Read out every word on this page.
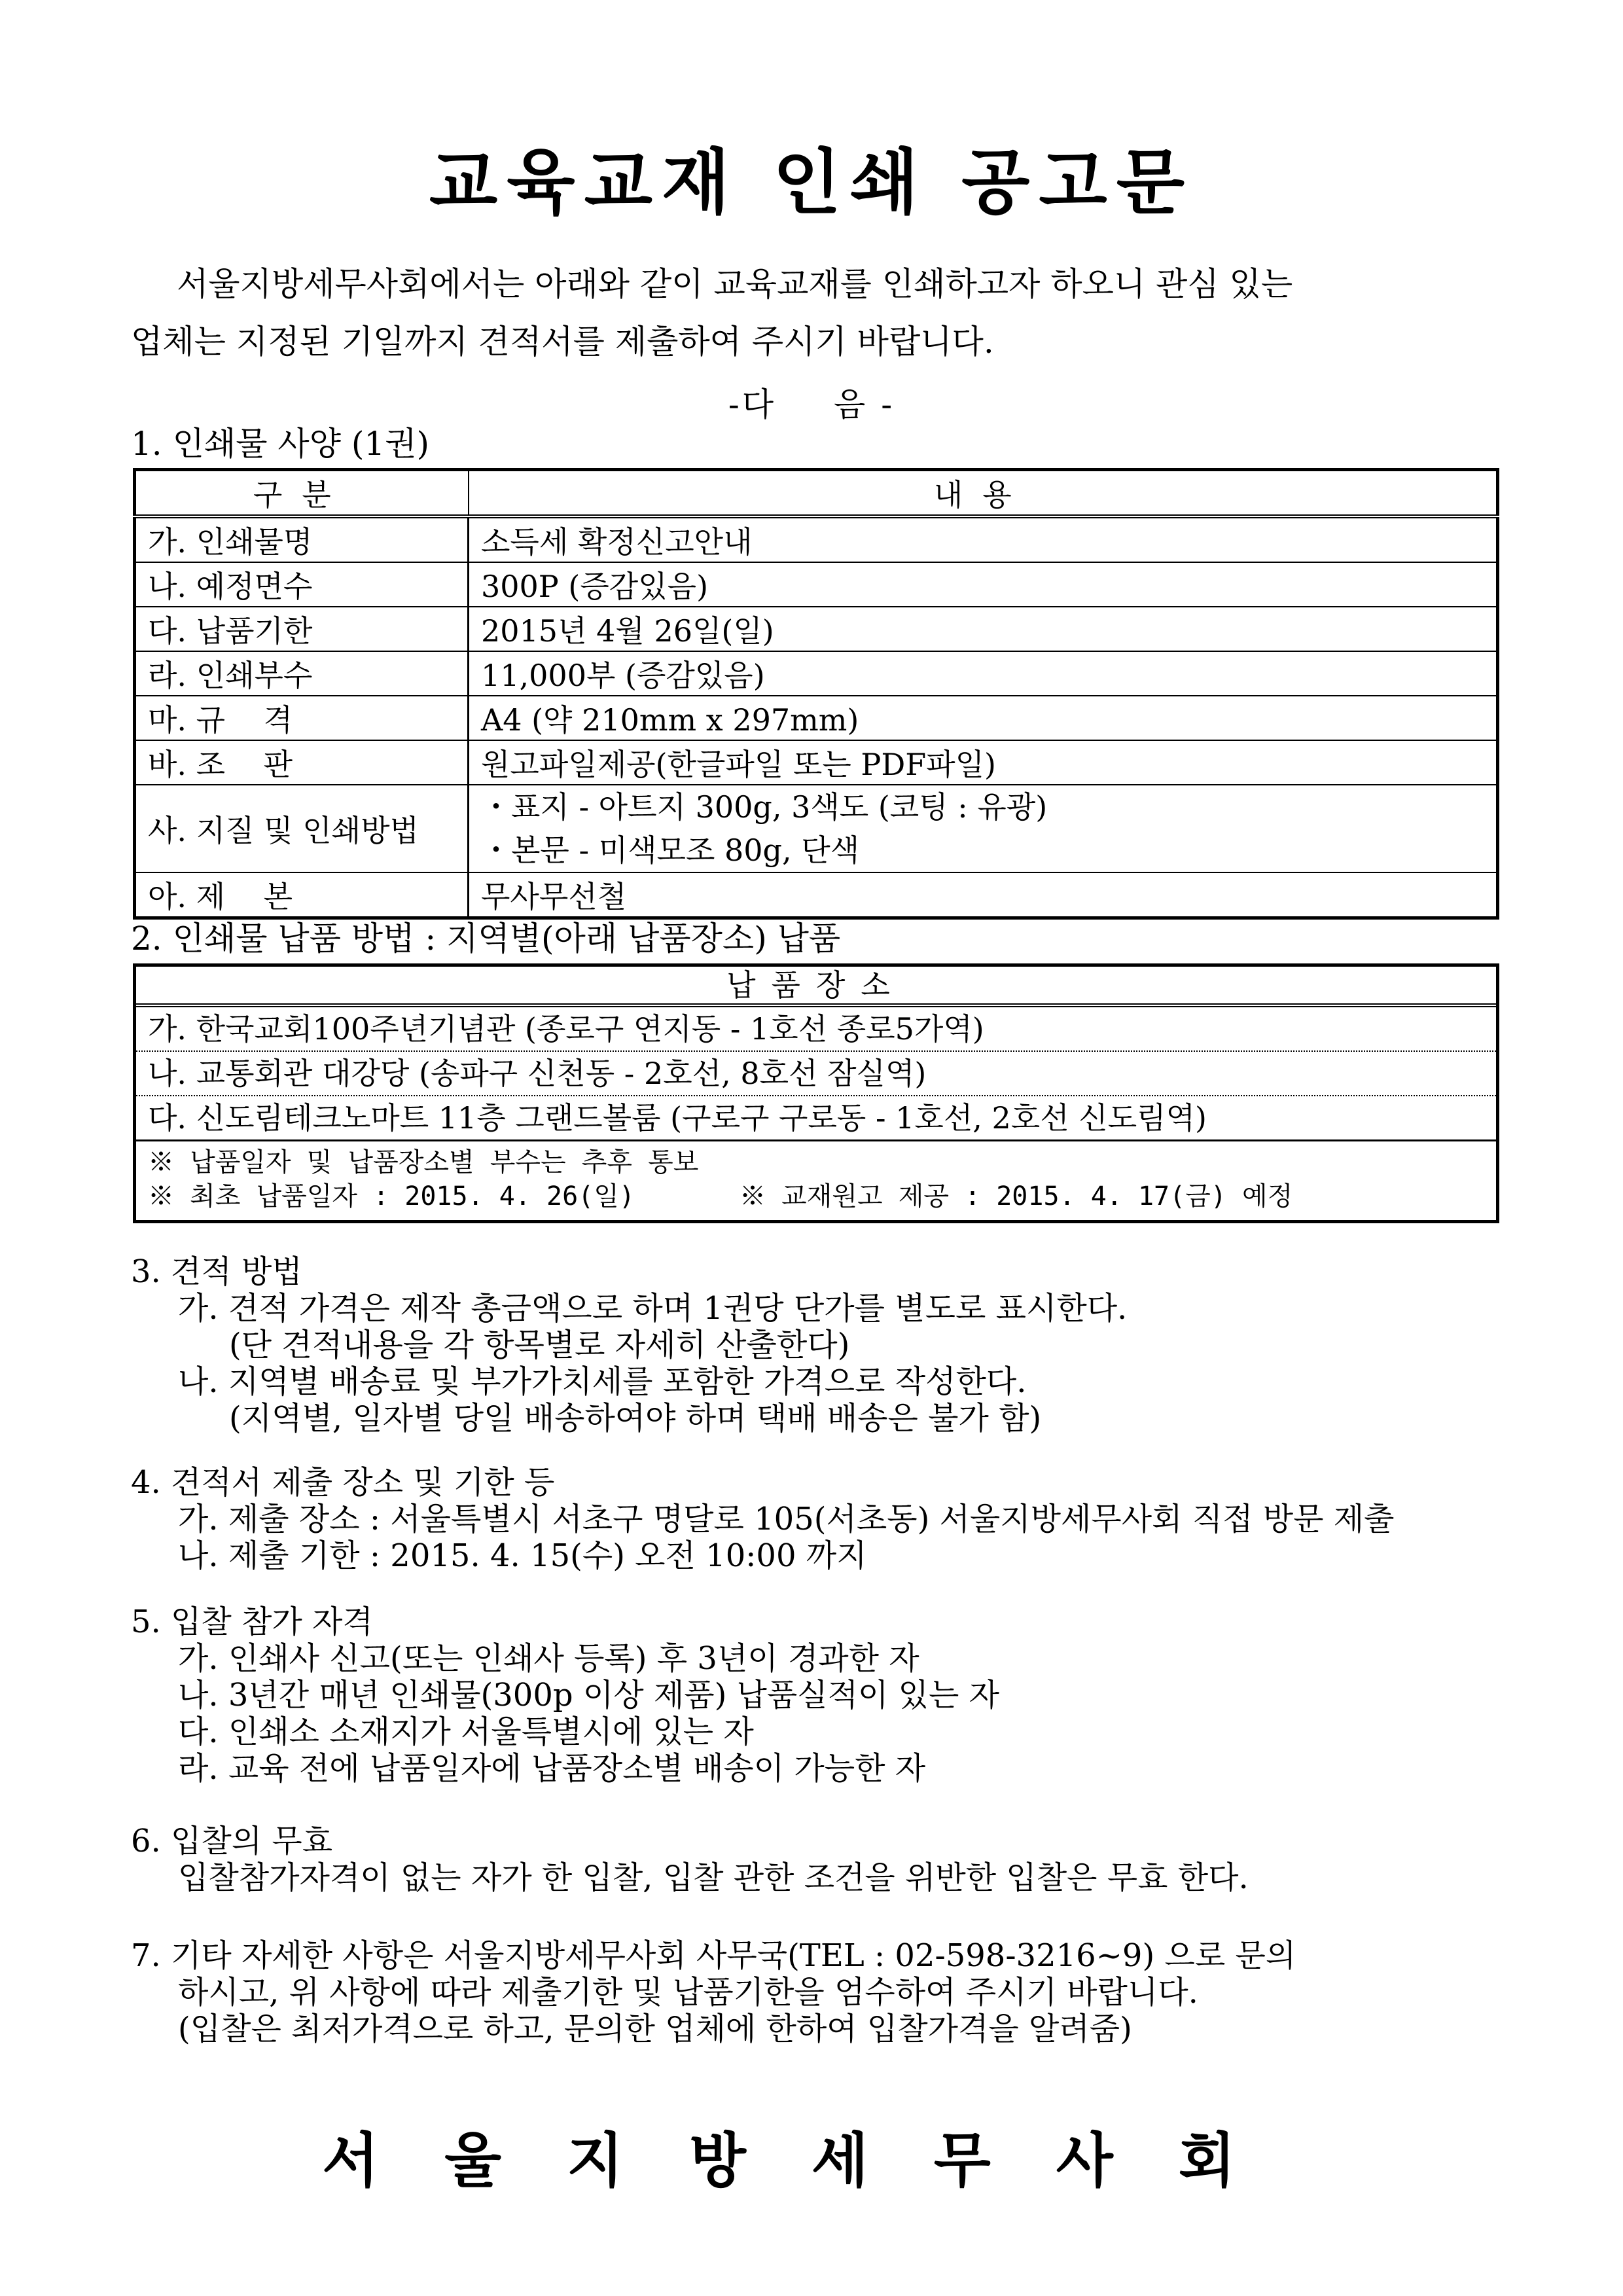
교육교재 인쇄 공고문
서울지방세무사회에서는 아래와 같이 교육교재를 인쇄하고자 하오니 관심 있는
업체는 지정된 기일까지 견적서를 제출하여 주시기 바랍니다.
-다 음 -
1. 인쇄물 사양 (1권)
구분	내용
가. 인쇄물명	소득세 확정신고안내
나. 예정면수	300P (증감있음)
다. 납품기한	2015년 4월 26일(일)
라. 인쇄부수	11,000부 (증감있음)
마. 규    격	A4 (약 210mm x 297mm)
바. 조    판	원고파일제공(한글파일 또는 PDF파일)
사. 지질 및 인쇄방법	・표지 - 아트지 300g, 3색도 (코팅 : 유광)
・본문 - 미색모조 80g, 단색

아. 제    본	무사무선철
2. 인쇄물 납품 방법 : 지역별(아래 납품장소) 납품
납품장소
가. 한국교회100주년기념관 (종로구 연지동 - 1호선 종로5가역)
나. 교통회관 대강당 (송파구 신천동 - 2호선, 8호선 잠실역)
다. 신도림테크노마트 11층 그랜드볼룸 (구로구 구로동 - 1호선, 2호선 신도림역)
※ 납품일자 및 납품장소별 부수는 추후 통보
※ 최초 납품일자 : 2015. 4. 26(일)	※ 교재원고 제공 : 2015. 4. 17(금) 예정
3. 견적 방법
가. 견적 가격은 제작 총금액으로 하며 1권당 단가를 별도로 표시한다.
(단 견적내용을 각 항목별로 자세히 산출한다)
나. 지역별 배송료 및 부가가치세를 포함한 가격으로 작성한다.
(지역별, 일자별 당일 배송하여야 하며 택배 배송은 불가 함)
4. 견적서 제출 장소 및 기한 등
가. 제출 장소 : 서울특별시 서초구 명달로 105(서초동) 서울지방세무사회 직접 방문 제출
나. 제출 기한 : 2015. 4. 15(수) 오전 10:00 까지
5. 입찰 참가 자격
가. 인쇄사 신고(또는 인쇄사 등록) 후 3년이 경과한 자
나. 3년간 매년 인쇄물(300p 이상 제품) 납품실적이 있는 자
다. 인쇄소 소재지가 서울특별시에 있는 자
라. 교육 전에 납품일자에 납품장소별 배송이 가능한 자
6. 입찰의 무효
입찰참가자격이 없는 자가 한 입찰, 입찰 관한 조건을 위반한 입찰은 무효 한다.
7. 기타 자세한 사항은 서울지방세무사회 사무국(TEL : 02-598-3216~9) 으로 문의
하시고, 위 사항에 따라 제출기한 및 납품기한을 엄수하여 주시기 바랍니다.
(입찰은 최저가격으로 하고, 문의한 업체에 한하여 입찰가격을 알려줌)
서울지방세무사회
